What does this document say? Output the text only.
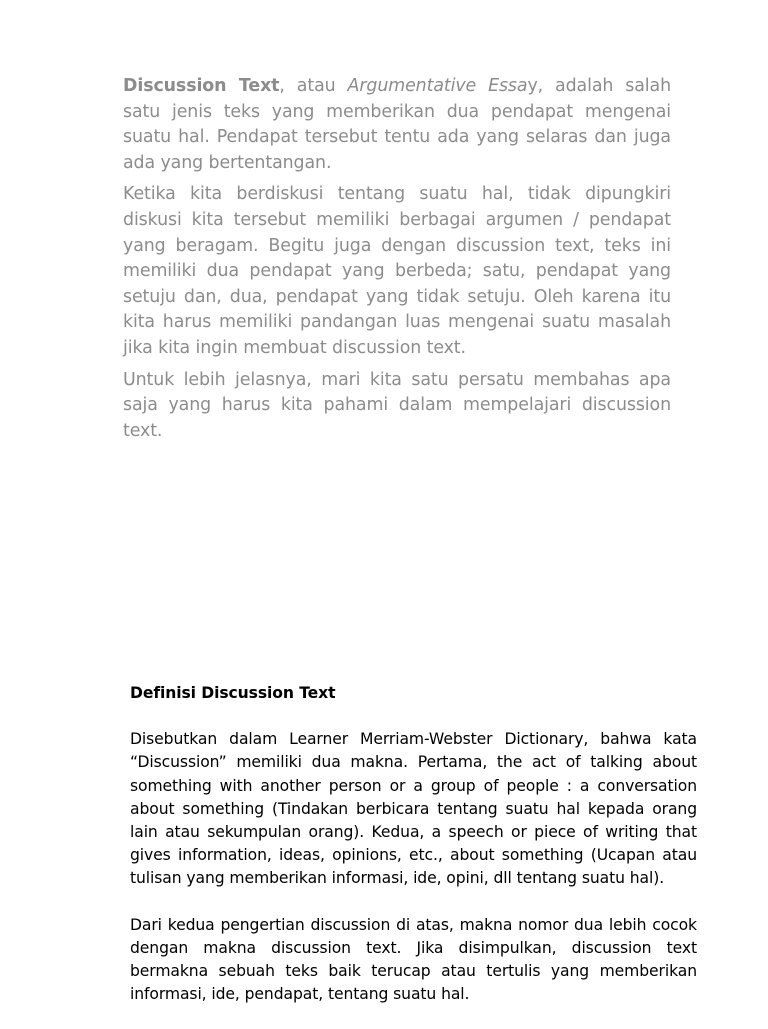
Discussion Text, atau Argumentative Essay, adalah salah satu jenis teks yang memberikan dua pendapat mengenai suatu hal. Pendapat tersebut tentu ada yang selaras dan juga ada yang bertentangan.

Ketika kita berdiskusi tentang suatu hal, tidak dipungkiri diskusi kita tersebut memiliki berbagai argumen / pendapat yang beragam. Begitu juga dengan discussion text, teks ini memiliki dua pendapat yang berbeda; satu, pendapat yang setuju dan, dua, pendapat yang tidak setuju. Oleh karena itu kita harus memiliki pandangan luas mengenai suatu masalah jika kita ingin membuat discussion text.

Untuk lebih jelasnya, mari kita satu persatu membahas apa saja yang harus kita pahami dalam mempelajari discussion text.

Definisi Discussion Text

Disebutkan dalam Learner Merriam-Webster Dictionary, bahwa kata “Discussion” memiliki dua makna. Pertama, the act of talking about something with another person or a group of people : a conversation about something (Tindakan berbicara tentang suatu hal kepada orang lain atau sekumpulan orang). Kedua, a speech or piece of writing that gives information, ideas, opinions, etc., about something (Ucapan atau tulisan yang memberikan informasi, ide, opini, dll tentang suatu hal).

Dari kedua pengertian discussion di atas, makna nomor dua lebih cocok dengan makna discussion text. Jika disimpulkan, discussion text bermakna sebuah teks baik terucap atau tertulis yang memberikan informasi, ide, pendapat, tentang suatu hal.
